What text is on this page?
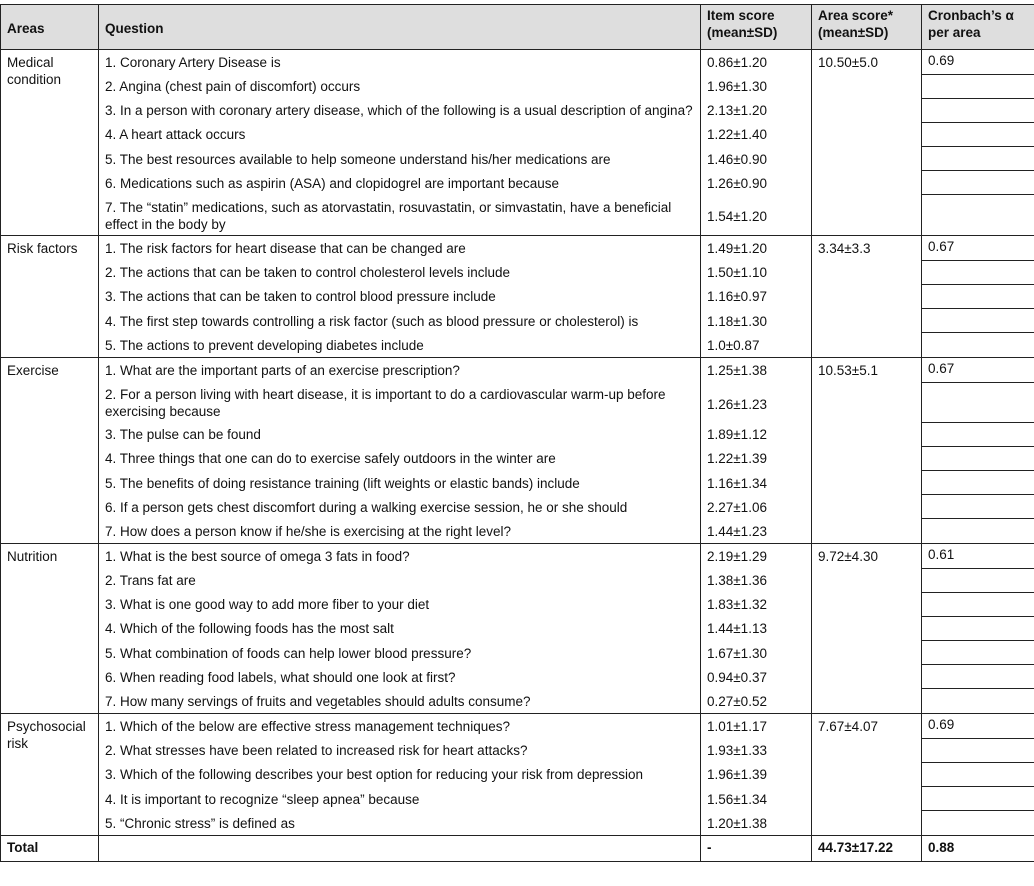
Areas	Question	Item score (mean±SD)	Area score* (mean±SD)	Cronbach’s α per area
Medical condition	1. Coronary Artery Disease is	0.86±1.20	10.50±5.0	0.69

	2. Angina (chest pain of discomfort) occurs	1.96±1.30		
	3. In a person with coronary artery disease, which of the following is a usual description of angina?	2.13±1.20		
	4. A heart attack occurs	1.22±1.40		
	5. The best resources available to help someone understand his/her medications are	1.46±0.90		
	6. Medications such as aspirin (ASA) and clopidogrel are important because	1.26±0.90		
	7. The “statin” medications, such as atorvastatin, rosuvastatin, or simvastatin, have a beneficial effect in the body by	1.54±1.20		
Risk factors	1. The risk factors for heart disease that can be changed are	1.49±1.20	3.34±3.3	0.67

	2. The actions that can be taken to control cholesterol levels include	1.50±1.10		
	3. The actions that can be taken to control blood pressure include	1.16±0.97		
	4. The first step towards controlling a risk factor (such as blood pressure or cholesterol) is	1.18±1.30		
	5. The actions to prevent developing diabetes include	1.0±0.87		
Exercise	1. What are the important parts of an exercise prescription?	1.25±1.38	10.53±5.1	0.67

	2. For a person living with heart disease, it is important to do a cardiovascular warm-up before exercising because	1.26±1.23		
	3. The pulse can be found	1.89±1.12		
	4. Three things that one can do to exercise safely outdoors in the winter are	1.22±1.39		
	5. The benefits of doing resistance training (lift weights or elastic bands) include	1.16±1.34		
	6. If a person gets chest discomfort during a walking exercise session, he or she should	2.27±1.06		
	7. How does a person know if he/she is exercising at the right level?	1.44±1.23		
Nutrition	1. What is the best source of omega 3 fats in food?	2.19±1.29	9.72±4.30	0.61

	2. Trans fat are	1.38±1.36		
	3. What is one good way to add more fiber to your diet	1.83±1.32		
	4. Which of the following foods has the most salt	1.44±1.13		
	5. What combination of foods can help lower blood pressure?	1.67±1.30		
	6. When reading food labels, what should one look at first?	0.94±0.37		
	7. How many servings of fruits and vegetables should adults consume?	0.27±0.52		
Psychosocial risk	1. Which of the below are effective stress management techniques?	1.01±1.17	7.67±4.07	0.69

	2. What stresses have been related to increased risk for heart attacks?	1.93±1.33		
	3. Which of the following describes your best option for reducing your risk from depression	1.96±1.39		
	4. It is important to recognize “sleep apnea” because	1.56±1.34		
	5. “Chronic stress” is defined as	1.20±1.38		
Total		-	44.73±17.22	0.88
